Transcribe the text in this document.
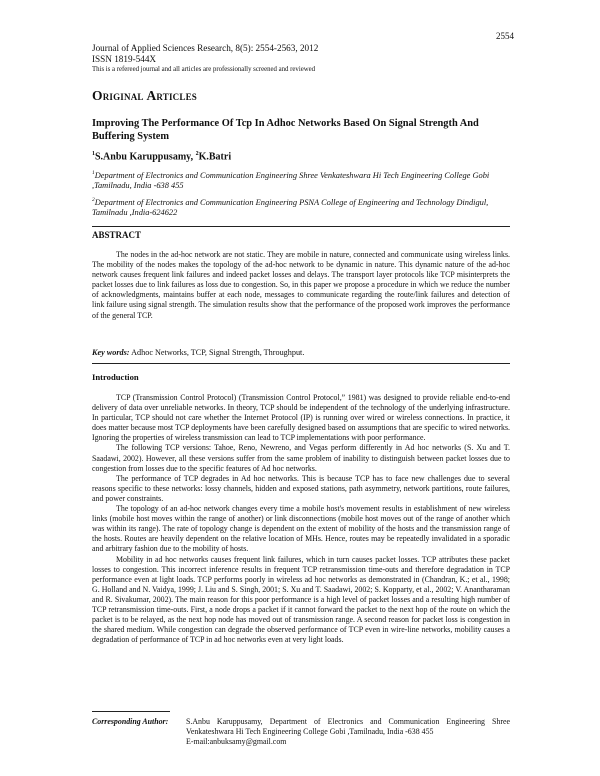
2554
Journal of Applied Sciences Research, 8(5): 2554-2563, 2012
ISSN 1819-544X
This is a refereed journal and all articles are professionally screened and reviewed
Original Articles
Improving The Performance Of Tcp In Adhoc Networks Based On Signal Strength And Buffering System
$^1$S.Anbu Karuppusamy, $^2$K.Batri
$^1$Department of Electronics and Communication Engineering Shree Venkateshwara Hi Tech Engineering College Gobi ,Tamilnadu, India -638 455
$^2$Department of Electronics and Communication Engineering PSNA College of Engineering and Technology Dindigul, Tamilnadu ,India-624622
ABSTRACT

The nodes in the ad-hoc network are not static. They are mobile in nature, connected and communicate using wireless links. The mobility of the nodes makes the topology of the ad-hoc network to be dynamic in nature. This dynamic nature of the ad-hoc network causes frequent link failures and indeed packet losses and delays. The transport layer protocols like TCP misinterprets the packet losses due to link failures as loss due to congestion. So, in this paper we propose a procedure in which we reduce the number of acknowledgments, maintains buffer at each node, messages to communicate regarding the route/link failures and detection of link failure using signal strength. The simulation results show that the performance of the proposed work improves the performance of the general TCP.

Key words: Adhoc Networks, TCP, Signal Strength, Throughput.
Introduction

TCP (Transmission Control Protocol) (Transmission Control Protocol,” 1981) was designed to provide reliable end-to-end delivery of data over unreliable networks. In theory, TCP should be independent of the technology of the underlying infrastructure. In particular, TCP should not care whether the Internet Protocol (IP) is running over wired or wireless connections. In practice, it does matter because most TCP deployments have been carefully designed based on assumptions that are specific to wired networks. Ignoring the properties of wireless transmission can lead to TCP implementations with poor performance.

The following TCP versions: Tahoe, Reno, Newreno, and Vegas perform differently in Ad hoc networks (S. Xu and T. Saadawi, 2002). However, all these versions suffer from the same problem of inability to distinguish between packet losses due to congestion from losses due to the specific features of Ad hoc networks.

The performance of TCP degrades in Ad hoc networks. This is because TCP has to face new challenges due to several reasons specific to these networks: lossy channels, hidden and exposed stations, path asymmetry, network partitions, route failures, and power constraints.

The topology of an ad-hoc network changes every time a mobile host's movement results in establishment of new wireless links (mobile host moves within the range of another) or link disconnections (mobile host moves out of the range of another which was within its range). The rate of topology change is dependent on the extent of mobility of the hosts and the transmission range of the hosts. Routes are heavily dependent on the relative location of MHs. Hence, routes may be repeatedly invalidated in a sporadic and arbitrary fashion due to the mobility of hosts.

Mobility in ad hoc networks causes frequent link failures, which in turn causes packet losses. TCP attributes these packet losses to congestion. This incorrect inference results in frequent TCP retransmission time-outs and therefore degradation in TCP performance even at light loads. TCP performs poorly in wireless ad hoc networks as demonstrated in (Chandran, K.; et al., 1998; G. Holland and N. Vaidya, 1999; J. Liu and S. Singh, 2001; S. Xu and T. Saadawi, 2002; S. Kopparty, et al., 2002; V. Anantharaman and R. Sivakumar, 2002). The main reason for this poor performance is a high level of packet losses and a resulting high number of TCP retransmission time-outs. First, a node drops a packet if it cannot forward the packet to the next hop of the route on which the packet is to be relayed, as the next hop node has moved out of transmission range. A second reason for packet loss is congestion in the shared medium. While congestion can degrade the observed performance of TCP even in wire-line networks, mobility causes a degradation of performance of TCP in ad hoc networks even at very light loads.

Corresponding Author:	S.Anbu Karuppusamy, Department of Electronics and Communication Engineering Shree Venkateshwara Hi Tech Engineering College Gobi ,Tamilnadu, India -638 455
E-mail:anbuksamy@gmail.com
